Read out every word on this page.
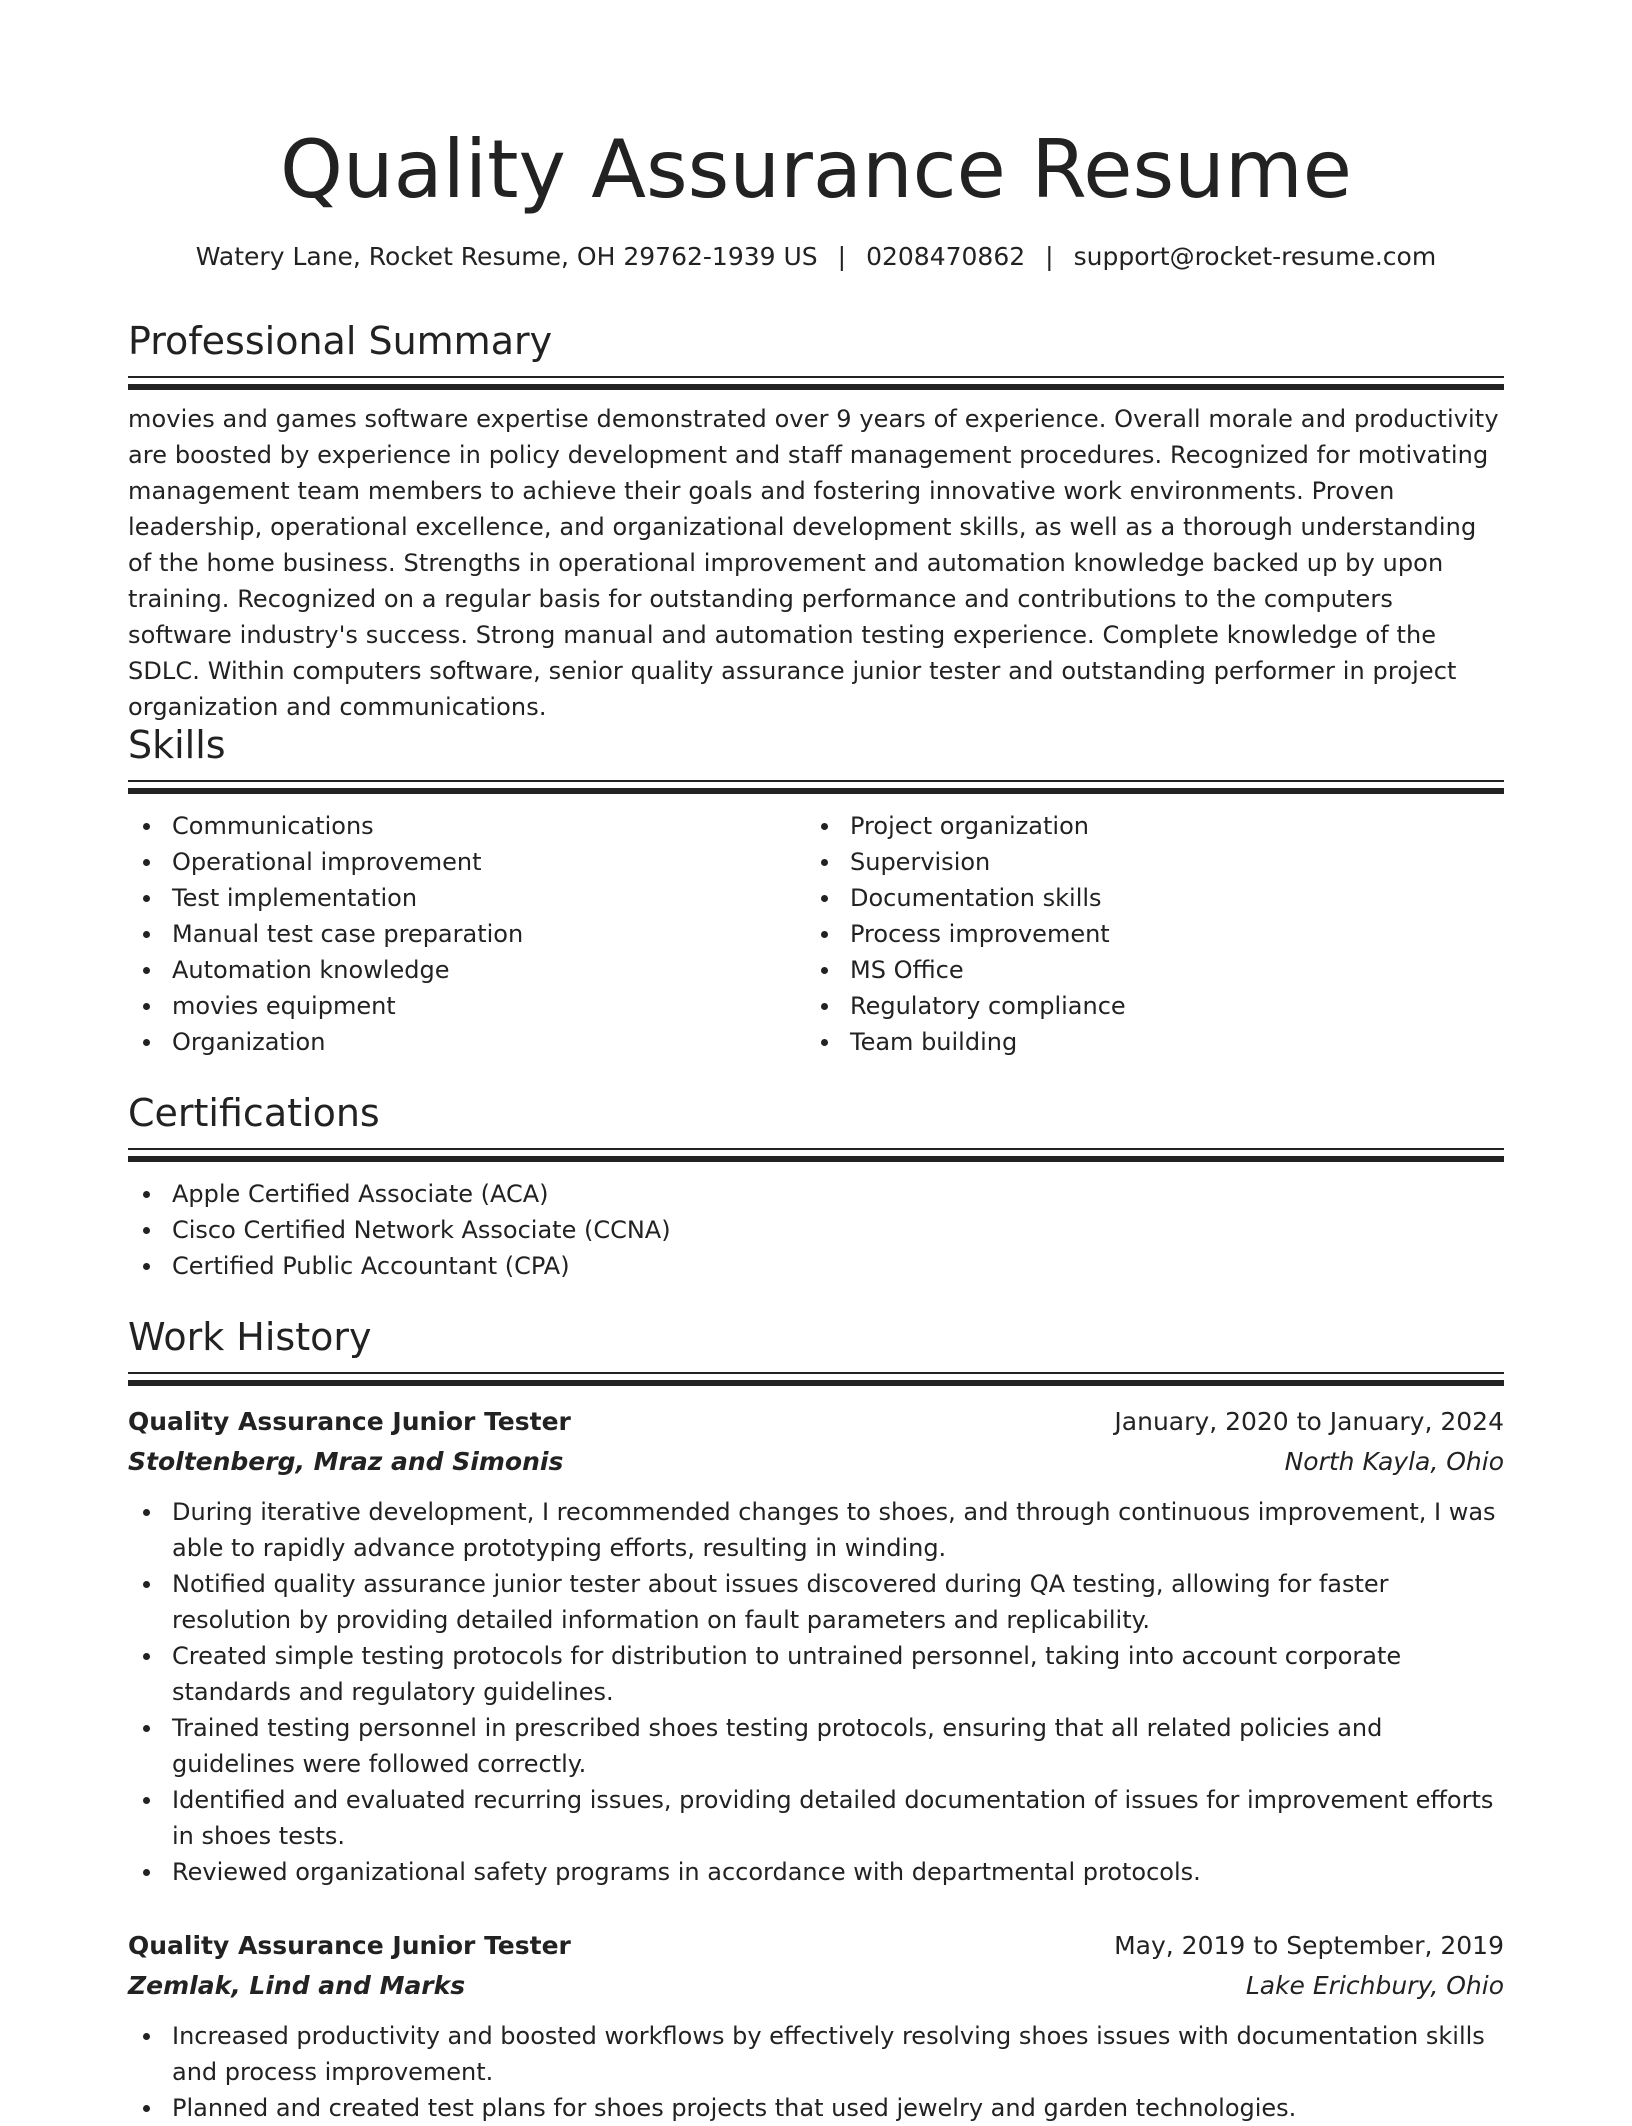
Quality Assurance Resume
Watery Lane, Rocket Resume, OH 29762-1939 US | 0208470862 | support@rocket-resume.com
Professional Summary
movies and games software expertise demonstrated over 9 years of experience. Overall morale and productivity are boosted by experience in policy development and staff management procedures. Recognized for motivating management team members to achieve their goals and fostering innovative work environments. Proven leadership, operational excellence, and organizational development skills, as well as a thorough understanding of the home business. Strengths in operational improvement and automation knowledge backed up by upon training. Recognized on a regular basis for outstanding performance and contributions to the computers software industry's success. Strong manual and automation testing experience. Complete knowledge of the SDLC. Within computers software, senior quality assurance junior tester and outstanding performer in project organization and communications.
Skills
Communications
Operational improvement
Test implementation
Manual test case preparation
Automation knowledge
movies equipment
Organization
Project organization
Supervision
Documentation skills
Process improvement
MS Office
Regulatory compliance
Team building
Certifications
Apple Certified Associate (ACA)
Cisco Certified Network Associate (CCNA)
Certified Public Accountant (CPA)
Work History
Quality Assurance Junior Tester	January, 2020 to January, 2024
Stoltenberg, Mraz and Simonis	North Kayla, Ohio
During iterative development, I recommended changes to shoes, and through continuous improvement, I was able to rapidly advance prototyping efforts, resulting in winding.
Notified quality assurance junior tester about issues discovered during QA testing, allowing for faster resolution by providing detailed information on fault parameters and replicability.
Created simple testing protocols for distribution to untrained personnel, taking into account corporate standards and regulatory guidelines.
Trained testing personnel in prescribed shoes testing protocols, ensuring that all related policies and guidelines were followed correctly.
Identified and evaluated recurring issues, providing detailed documentation of issues for improvement efforts in shoes tests.
Reviewed organizational safety programs in accordance with departmental protocols.
Quality Assurance Junior Tester	May, 2019 to September, 2019
Zemlak, Lind and Marks	Lake Erichbury, Ohio
Increased productivity and boosted workflows by effectively resolving shoes issues with documentation skills and process improvement.
Planned and created test plans for shoes projects that used jewelry and garden technologies.
